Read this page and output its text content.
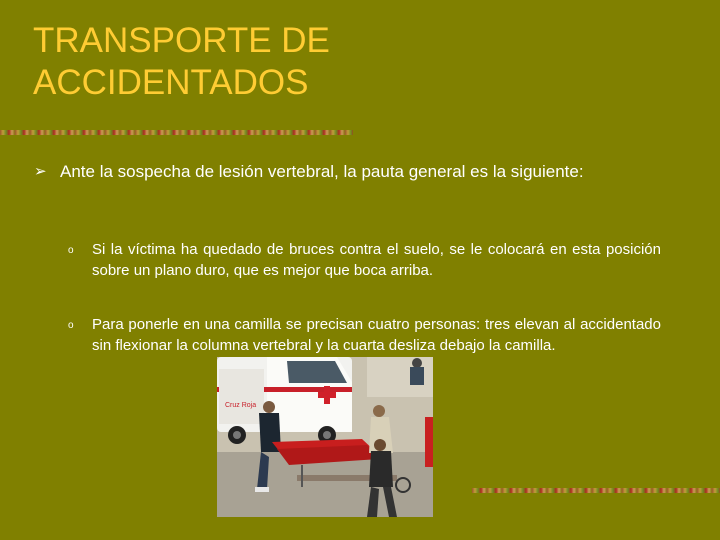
TRANSPORTE DE
ACCIDENTADOS
➢ Ante la sospecha de lesión vertebral, la pauta general es la siguiente:
o Si la víctima ha quedado de bruces contra el suelo, se le colocará en esta posición sobre un plano duro, que es mejor que boca arriba.
o Para ponerle en una camilla se precisan cuatro personas: tres elevan al accidentado sin flexionar la columna vertebral y la cuarta desliza debajo la camilla.
Cruz Roja
